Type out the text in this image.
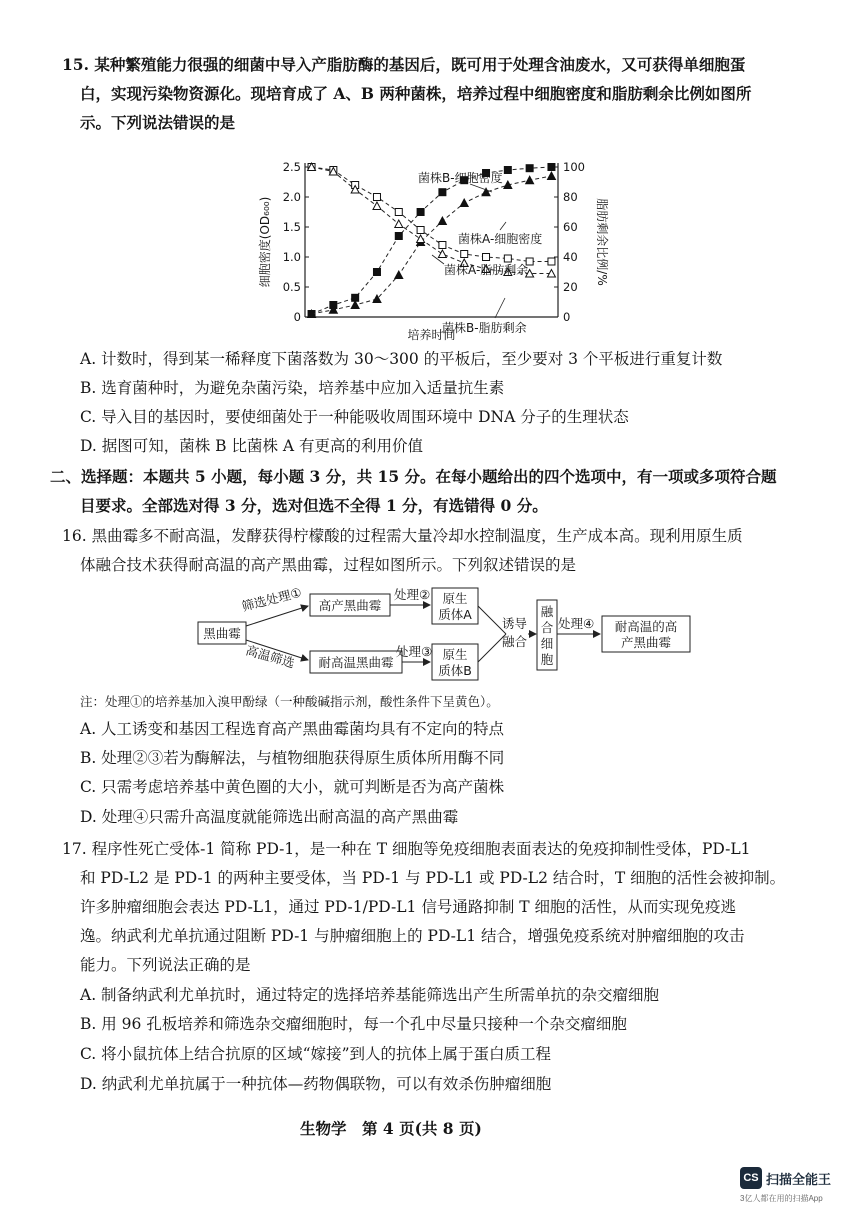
15. 某种繁殖能力很强的细菌中导入产脂肪酶的基因后，既可用于处理含油废水，又可获得单细胞蛋
白，实现污染物资源化。现培育成了 A、B 两种菌株，培养过程中细胞密度和脂肪剩余比例如图所
示。下列说法错误的是
0
0.5
1.0
1.5
2.0
2.5
0
20
40
60
80
100
培养时间
细胞密度(OD₆₀₀)	脂肪剩余比例/%
菌株B-细胞密度
菌株A-细胞密度
菌株A-脂肪剩余
菌株B-脂肪剩余
A. 计数时，得到某一稀释度下菌落数为 30～300 的平板后，至少要对 3 个平板进行重复计数
B. 选育菌种时，为避免杂菌污染，培养基中应加入适量抗生素
C. 导入目的基因时，要使细菌处于一种能吸收周围环境中 DNA 分子的生理状态
D. 据图可知，菌株 B 比菌株 A 有更高的利用价值
二、选择题：本题共 5 小题，每小题 3 分，共 15 分。在每小题给出的四个选项中，有一项或多项符合题
目要求。全部选对得 3 分，选对但选不全得 1 分，有选错得 0 分。
16. 黑曲霉多不耐高温，发酵获得柠檬酸的过程需大量冷却水控制温度，生产成本高。现利用原生质
体融合技术获得耐高温的高产黑曲霉，过程如图所示。下列叙述错误的是
黑曲霉
筛选处理①
高温筛选
高产黑曲霉
处理② 原生
质体A
耐高温黑曲霉
处理③ 原生
质体B
诱导
融合
融
合
细
胞
处理④ 耐高温的高
产黑曲霉
注：处理①的培养基加入溴甲酚绿（一种酸碱指示剂，酸性条件下呈黄色）。
A. 人工诱变和基因工程选育高产黑曲霉菌均具有不定向的特点
B. 处理②③若为酶解法，与植物细胞获得原生质体所用酶不同
C. 只需考虑培养基中黄色圈的大小，就可判断是否为高产菌株
D. 处理④只需升高温度就能筛选出耐高温的高产黑曲霉
17. 程序性死亡受体-1 简称 PD-1，是一种在 T 细胞等免疫细胞表面表达的免疫抑制性受体，PD-L1
和 PD-L2 是 PD-1 的两种主要受体，当 PD-1 与 PD-L1 或 PD-L2 结合时，T 细胞的活性会被抑制。
许多肿瘤细胞会表达 PD-L1，通过 PD-1/PD-L1 信号通路抑制 T 细胞的活性，从而实现免疫逃
逸。纳武利尤单抗通过阻断 PD-1 与肿瘤细胞上的 PD-L1 结合，增强免疫系统对肿瘤细胞的攻击
能力。下列说法正确的是
A. 制备纳武利尤单抗时，通过特定的选择培养基能筛选出产生所需单抗的杂交瘤细胞
B. 用 96 孔板培养和筛选杂交瘤细胞时，每一个孔中尽量只接种一个杂交瘤细胞
C. 将小鼠抗体上结合抗原的区域“嫁接”到人的抗体上属于蛋白质工程
D. 纳武利尤单抗属于一种抗体—药物偶联物，可以有效杀伤肿瘤细胞
生物学　第 4 页(共 8 页)
CS 扫描全能王
3亿人都在用的扫描App
